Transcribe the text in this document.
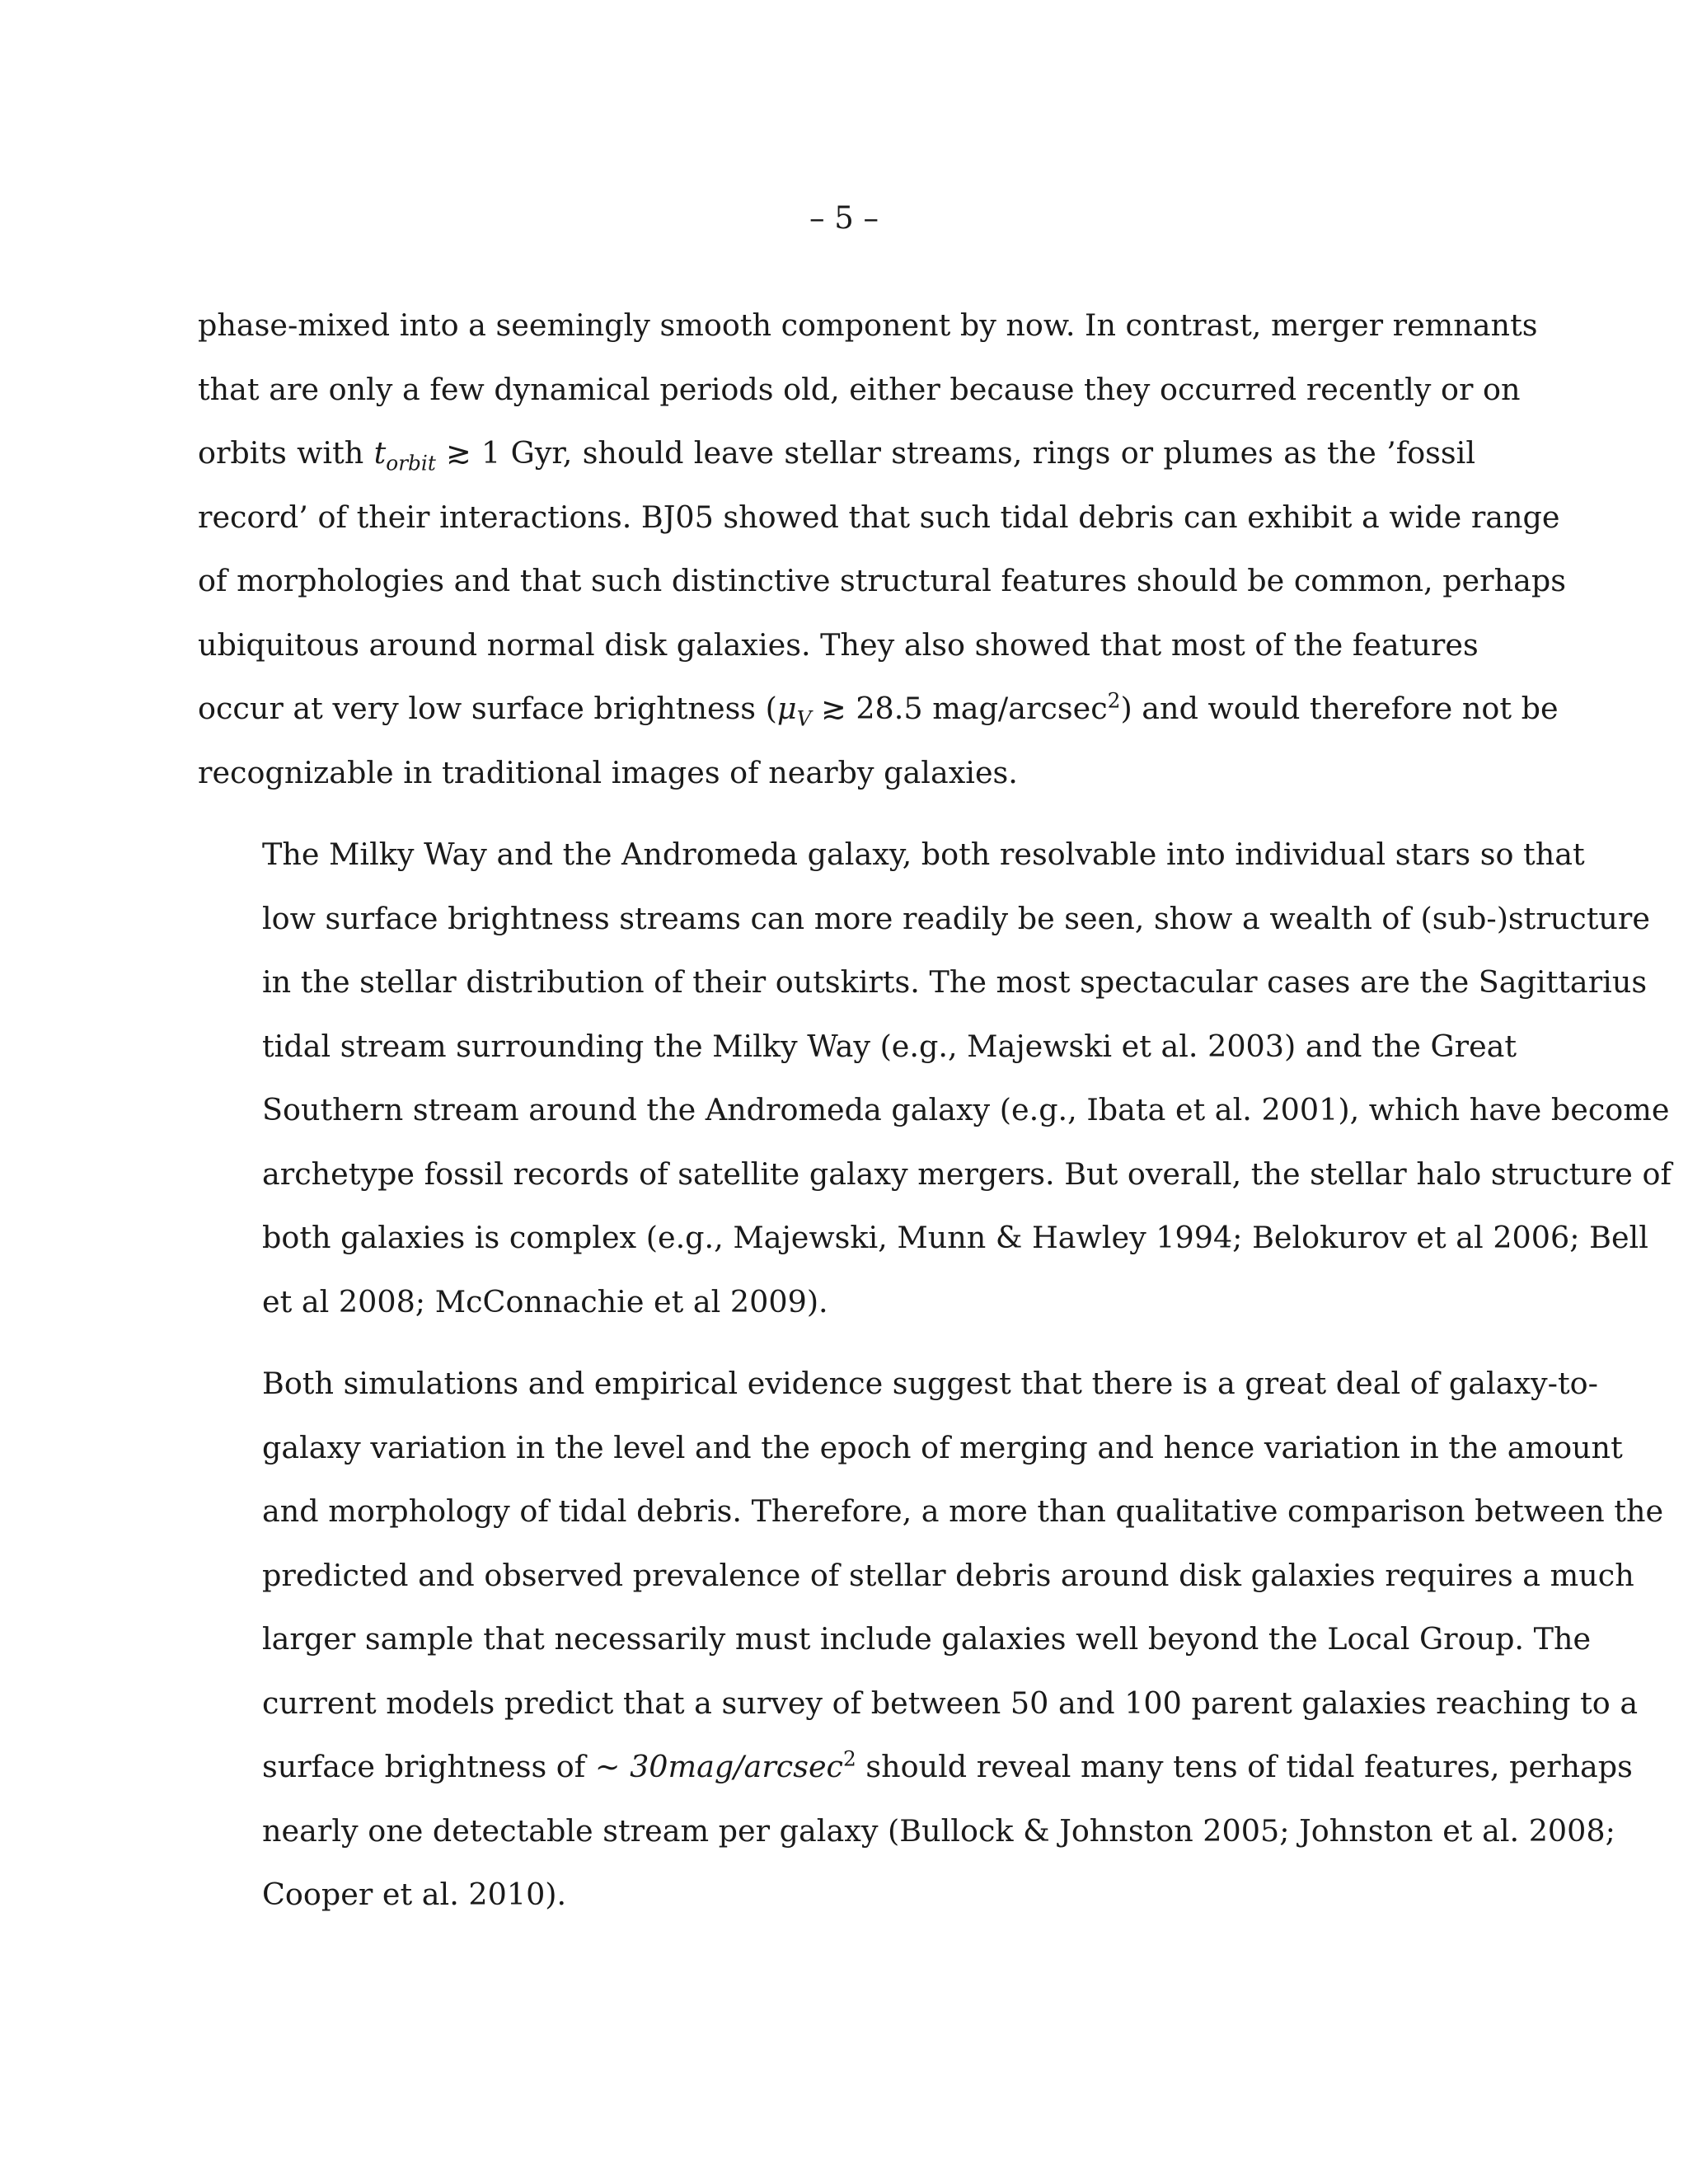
– 5 –

phase-mixed into a seemingly smooth component by now. In contrast, merger remnants
that are only a few dynamical periods old, either because they occurred recently or on
orbits with $t_{orbit}$ ≳ 1 Gyr, should leave stellar streams, rings or plumes as the ’fossil
record’ of their interactions. BJ05 showed that such tidal debris can exhibit a wide range
of morphologies and that such distinctive structural features should be common, perhaps
ubiquitous around normal disk galaxies. They also showed that most of the features
occur at very low surface brightness ($\mu_V$ ≳ 28.5 mag/arcsec$^2$) and would therefore not be
recognizable in traditional images of nearby galaxies.

The Milky Way and the Andromeda galaxy, both resolvable into individual stars so that
low surface brightness streams can more readily be seen, show a wealth of (sub-)structure
in the stellar distribution of their outskirts. The most spectacular cases are the Sagittarius
tidal stream surrounding the Milky Way (e.g., Majewski et al. 2003) and the Great
Southern stream around the Andromeda galaxy (e.g., Ibata et al. 2001), which have become
archetype fossil records of satellite galaxy mergers. But overall, the stellar halo structure of
both galaxies is complex (e.g., Majewski, Munn & Hawley 1994; Belokurov et al 2006; Bell
et al 2008; McConnachie et al 2009).

Both simulations and empirical evidence suggest that there is a great deal of galaxy-to-
galaxy variation in the level and the epoch of merging and hence variation in the amount
and morphology of tidal debris. Therefore, a more than qualitative comparison between the
predicted and observed prevalence of stellar debris around disk galaxies requires a much
larger sample that necessarily must include galaxies well beyond the Local Group. The
current models predict that a survey of between 50 and 100 parent galaxies reaching to a
surface brightness of ∼ 30mag/arcsec$^2$ should reveal many tens of tidal features, perhaps
nearly one detectable stream per galaxy (Bullock & Johnston 2005; Johnston et al. 2008;
Cooper et al. 2010).
